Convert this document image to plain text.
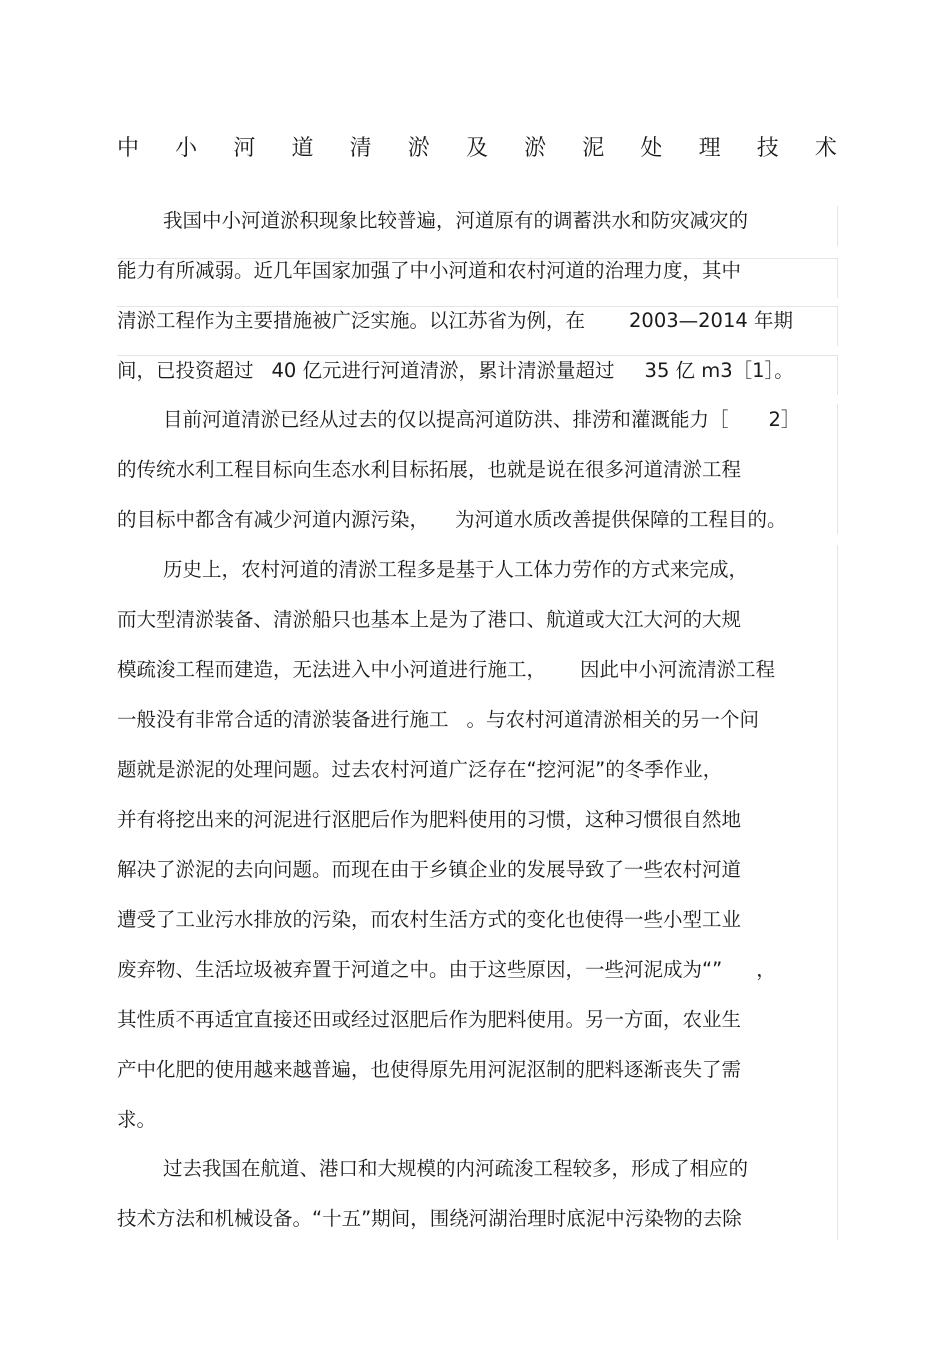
中 小 河 道 清 淤 及 淤 泥 处 理 技 术
我国中小河道淤积现象比较普遍，河道原有的调蓄洪水和防灾减灾的
能力有所减弱。近几年国家加强了中小河道和农村河道的治理力度，其中
清淤工程作为主要措施被广泛实施。以江苏省为例，在 2003—2014 年期
间，已投资超过 40 亿元进行河道清淤，累计清淤量超过 35 亿 m3［1］。
目前河道清淤已经从过去的仅以提高河道防洪、排涝和灌溉能力［ 2］
的传统水利工程目标向生态水利目标拓展，也就是说在很多河道清淤工程
的目标中都含有减少河道内源污染， 为河道水质改善提供保障的工程目的。
历史上，农村河道的清淤工程多是基于人工体力劳作的方式来完成，
而大型清淤装备、清淤船只也基本上是为了港口、航道或大江大河的大规
模疏浚工程而建造，无法进入中小河道进行施工， 因此中小河流清淤工程
一般没有非常合适的清淤装备进行施工 。与农村河道清淤相关的另一个问
题就是淤泥的处理问题。过去农村河道广泛存在“挖河泥”的冬季作业，
并有将挖出来的河泥进行沤肥后作为肥料使用的习惯，这种习惯很自然地
解决了淤泥的去向问题。而现在由于乡镇企业的发展导致了一些农村河道
遭受了工业污水排放的污染，而农村生活方式的变化也使得一些小型工业
废弃物、生活垃圾被弃置于河道之中。由于这些原因，一些河泥成为“” ，
其性质不再适宜直接还田或经过沤肥后作为肥料使用。另一方面，农业生
产中化肥的使用越来越普遍，也使得原先用河泥沤制的肥料逐渐丧失了需
求。
过去我国在航道、港口和大规模的内河疏浚工程较多，形成了相应的
技术方法和机械设备。“十五”期间，围绕河湖治理时底泥中污染物的去除
